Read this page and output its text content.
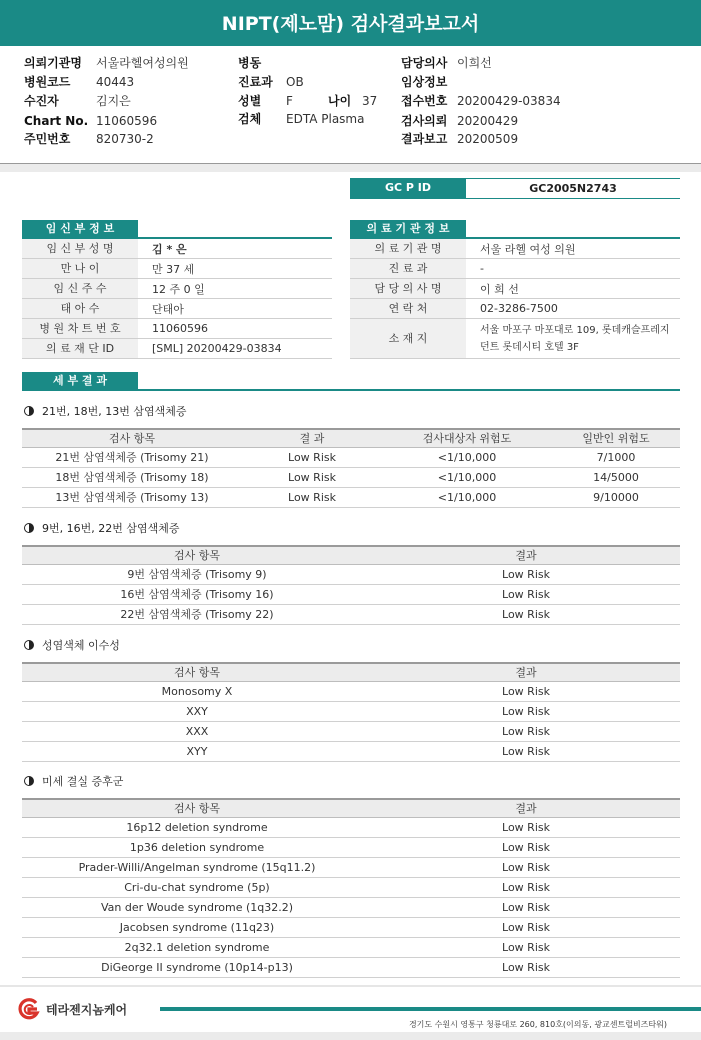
NIPT(제노맘) 검사결과보고서
의뢰기관명	서울라헬여성의원
병원코드	40443
수진자	김지은
Chart No. 11060596
주민번호	820730-2
병동
진료과	OB
성별	F	나이 37
검체	EDTA Plasma
담당의사 이희선
임상정보
접수번호 20200429-03834
검사의뢰 20200429
결과보고 20200509
GC P ID	GC2005N2743
임 신 부 정 보
임 신 부 성 명	김 * 은
만 나 이	만 37 세
임 신 주 수	12 주 0 일
태 아 수	단태아
병 원 차 트 번 호	11060596
의 료 재 단 ID	[SML] 20200429-03834
의 료 기 관 정 보
의 료 기 관 명	서울 라헬 여성 의원
진 료 과	-
담 당 의 사 명	이 희 선
연 락 처	02-3286-7500
소 재 지
서울 마포구 마포대로 109, 롯데캐슬프레지
던트 롯데시티 호텔 3F
세 부 결 과
21번, 18번, 13번 삼염색체증
검사 항목	결 과	검사대상자 위험도	일반인 위험도
21번 삼염색체증 (Trisomy 21)	Low Risk	<1/10,000	7/1000
18번 삼염색체증 (Trisomy 18)	Low Risk	<1/10,000	14/5000
13번 삼염색체증 (Trisomy 13)	Low Risk	<1/10,000	9/10000
9번, 16번, 22번 삼염색체증
검사 항목	결과
9번 삼염색체증 (Trisomy 9)	Low Risk
16번 삼염색체증 (Trisomy 16)	Low Risk
22번 삼염색체증 (Trisomy 22)	Low Risk
성염색체 이수성
검사 항목	결과
Monosomy X	Low Risk
XXY	Low Risk
XXX	Low Risk
XYY	Low Risk
미세 결실 증후군
검사 항목	결과
16p12 deletion syndrome	Low Risk
1p36 deletion syndrome	Low Risk
Prader-Willi/Angelman syndrome (15q11.2)	Low Risk
Cri-du-chat syndrome (5p)	Low Risk
Van der Woude syndrome (1q32.2)	Low Risk
Jacobsen syndrome (11q23)	Low Risk
2q32.1 deletion syndrome	Low Risk
DiGeorge II syndrome (10p14-p13)	Low Risk
테라젠지놈케어
경기도 수원시 영통구 청룡대로 260, 810호(이의동, 광교센트럴비즈타워)
